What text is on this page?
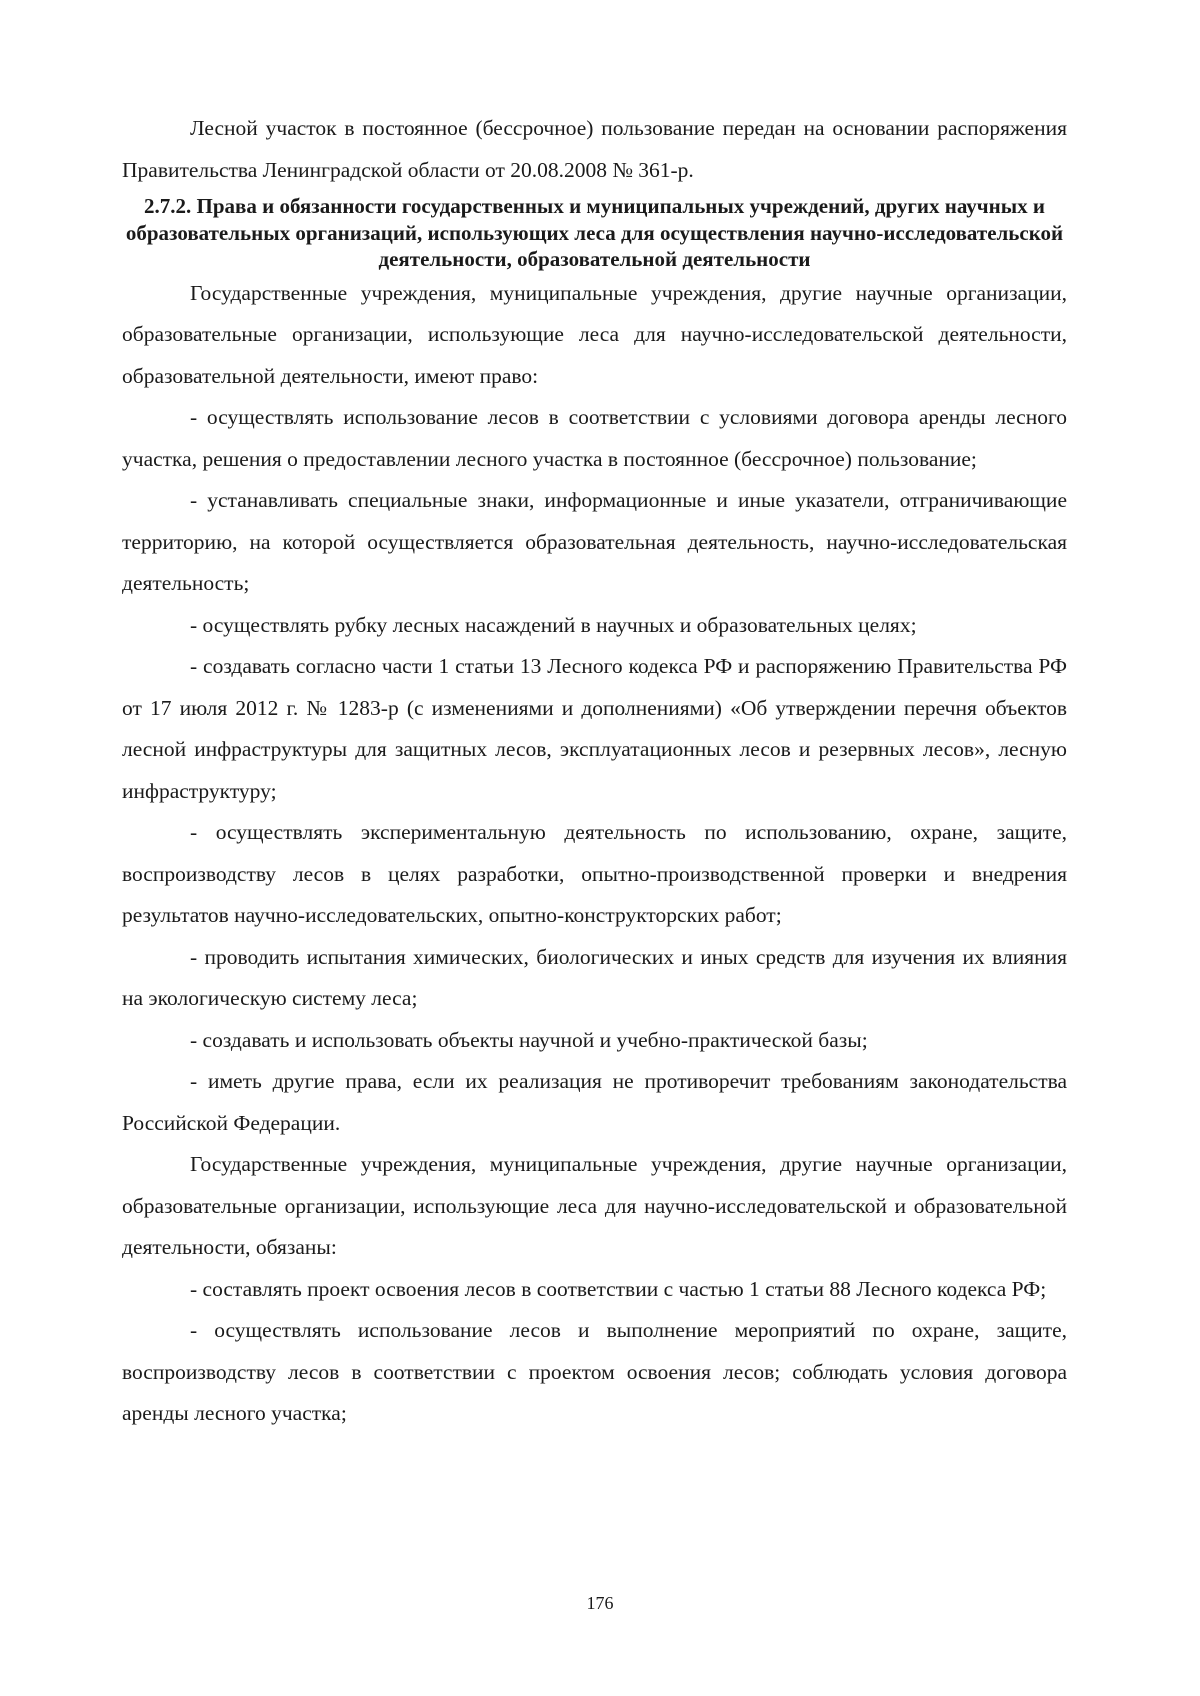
Лесной участок в постоянное (бессрочное) пользование передан на основании распоряжения Правительства Ленинградской области от 20.08.2008 № 361-р.

2.7.2. Права и обязанности государственных и муниципальных учреждений, других научных и образовательных организаций, использующих леса для осуществления научно-исследовательской деятельности, образовательной деятельности

Государственные учреждения, муниципальные учреждения, другие научные организации, образовательные организации, использующие леса для научно-исследовательской деятельности, образовательной деятельности, имеют право:

- осуществлять использование лесов в соответствии с условиями договора аренды лесного участка, решения о предоставлении лесного участка в постоянное (бессрочное) пользование;

- устанавливать специальные знаки, информационные и иные указатели, отграничивающие территорию, на которой осуществляется образовательная деятельность, научно-исследовательская деятельность;

- осуществлять рубку лесных насаждений в научных и образовательных целях;

- создавать согласно части 1 статьи 13 Лесного кодекса РФ и распоряжению Правительства РФ от 17 июля 2012 г. № 1283-р (с изменениями и дополнениями) «Об утверждении перечня объектов лесной инфраструктуры для защитных лесов, эксплуатационных лесов и резервных лесов», лесную инфраструктуру;

- осуществлять экспериментальную деятельность по использованию, охране, защите, воспроизводству лесов в целях разработки, опытно-производственной проверки и внедрения результатов научно-исследовательских, опытно-конструкторских работ;

- проводить испытания химических, биологических и иных средств для изучения их влияния на экологическую систему леса;

- создавать и использовать объекты научной и учебно-практической базы;

- иметь другие права, если их реализация не противоречит требованиям законодательства Российской Федерации.

Государственные учреждения, муниципальные учреждения, другие научные организации, образовательные организации, использующие леса для научно-исследовательской и образовательной деятельности, обязаны:

- составлять проект освоения лесов в соответствии с частью 1 статьи 88 Лесного кодекса РФ;

- осуществлять использование лесов и выполнение мероприятий по охране, защите, воспроизводству лесов в соответствии с проектом освоения лесов; соблюдать условия договора аренды лесного участка;

176
